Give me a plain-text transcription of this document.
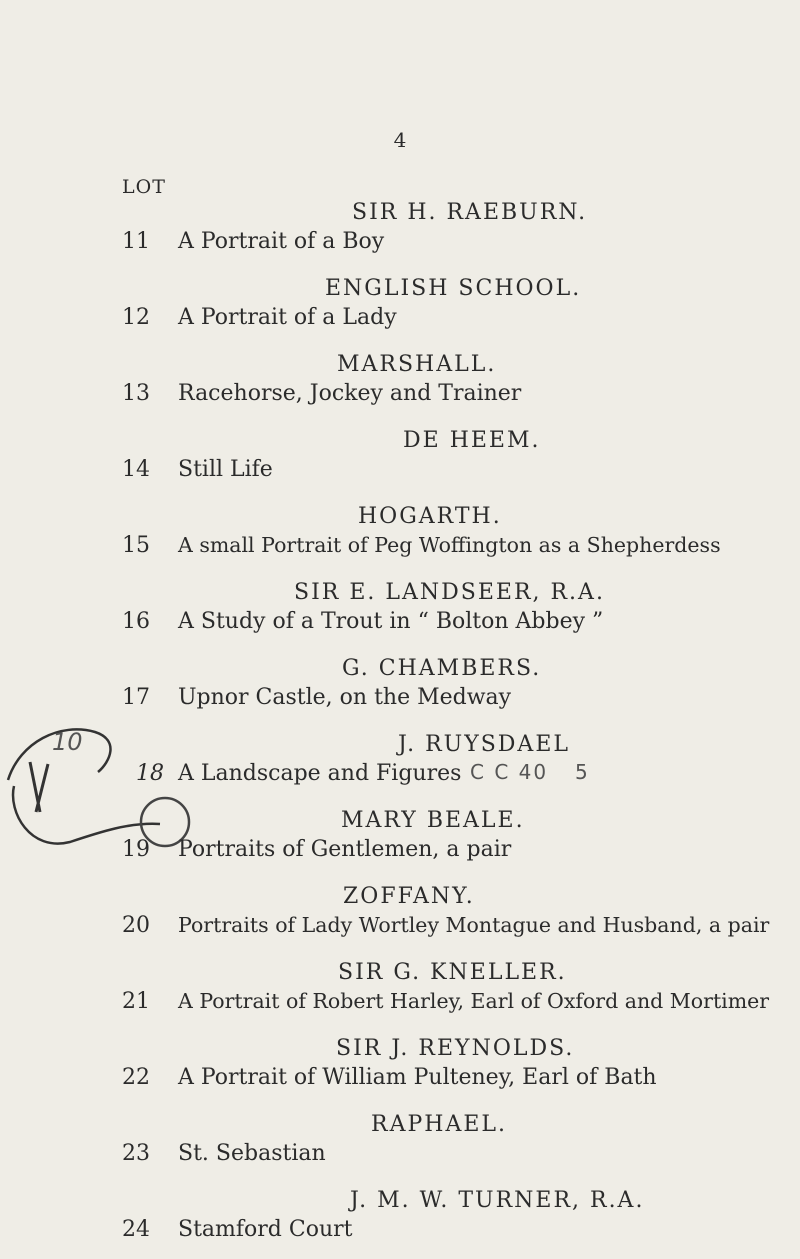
4
LOT
10
SIR H. RAEBURN.
11 A Portrait of a Boy
ENGLISH SCHOOL.
12 A Portrait of a Lady
MARSHALL.
13 Racehorse, Jockey and Trainer
DE HEEM.
14 Still Life
HOGARTH.
15 A small Portrait of Peg Woffington as a Shepherdess
SIR E. LANDSEER, R.A.
16 A Study of a Trout in “ Bolton Abbey ”
G. CHAMBERS.
17 Upnor Castle, on the Medway
J. RUYSDAEL
18 A Landscape and Figures C C 40 5
MARY BEALE.
19 Portraits of Gentlemen, a pair
ZOFFANY.
20 Portraits of Lady Wortley Montague and Husband, a pair
SIR G. KNELLER.
21 A Portrait of Robert Harley, Earl of Oxford and Mortimer
SIR J. REYNOLDS.
22 A Portrait of William Pulteney, Earl of Bath
RAPHAEL.
23 St. Sebastian
J. M. W. TURNER, R.A.
24 Stamford Court
